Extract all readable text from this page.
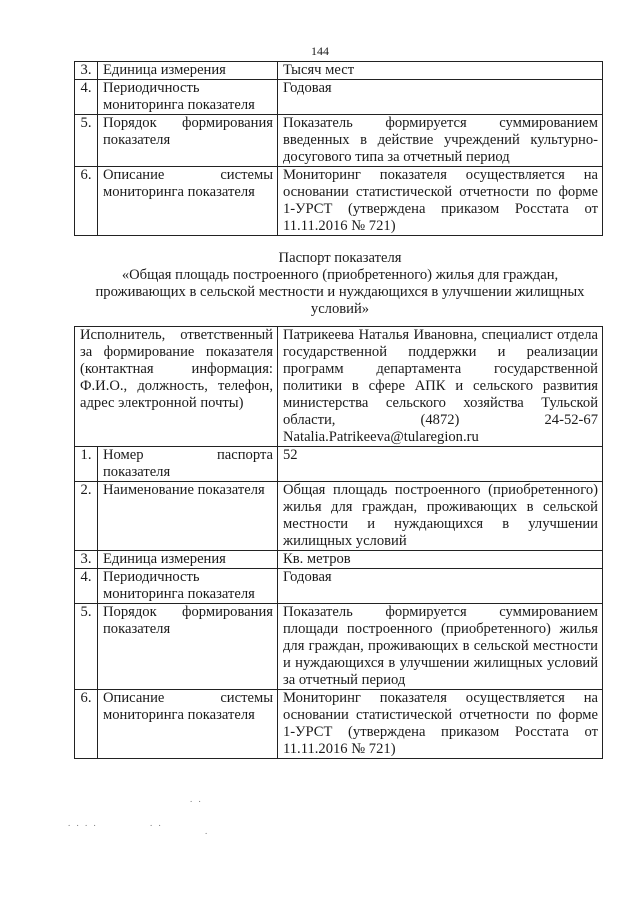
144
3.	Единица измерения	Тысяч мест
4.	Периодичность мониторинга показателя	Годовая
5.	Порядок формирования показателя	Показатель формируется суммированием введенных в действие учреждений культурно-досугового типа за отчетный период
6.	Описание системы мониторинга показателя	Мониторинг показателя осуществляется на основании статистической отчетности по форме 1-УРСТ (утверждена приказом Росстата от 11.11.2016 № 721)
Паспорт показателя
«Общая площадь построенного (приобретенного) жилья для граждан, проживающих в сельской местности и нуждающихся в улучшении жилищных условий»
Исполнитель, ответственный за формирование показателя (контактная информация: Ф.И.О., должность, телефон, адрес электронной почты)		Патрикеева Наталья Ивановна, специалист отдела государственной поддержки и реализации программ департамента государственной политики в сфере АПК и сельского развития министерства сельского хозяйства Тульской области, (4872) 24-52-67 Natalia.Patrikeeva@tularegion.ru
1.	Номер паспорта показателя	52
2.	Наименование показателя	Общая площадь построенного (приобретенного) жилья для граждан, проживающих в сельской местности и нуждающихся в улучшении жилищных условий
3.	Единица измерения	Кв. метров
4.	Периодичность мониторинга показателя	Годовая
5.	Порядок формирования показателя	Показатель формируется суммированием площади построенного (приобретенного) жилья для граждан, проживающих в сельской местности и нуждающихся в улучшении жилищных условий за отчетный период
6.	Описание системы мониторинга показателя	Мониторинг показателя осуществляется на основании статистической отчетности по форме 1-УРСТ (утверждена приказом Росстата от 11.11.2016 № 721)
. .
. . . .	. .
.
